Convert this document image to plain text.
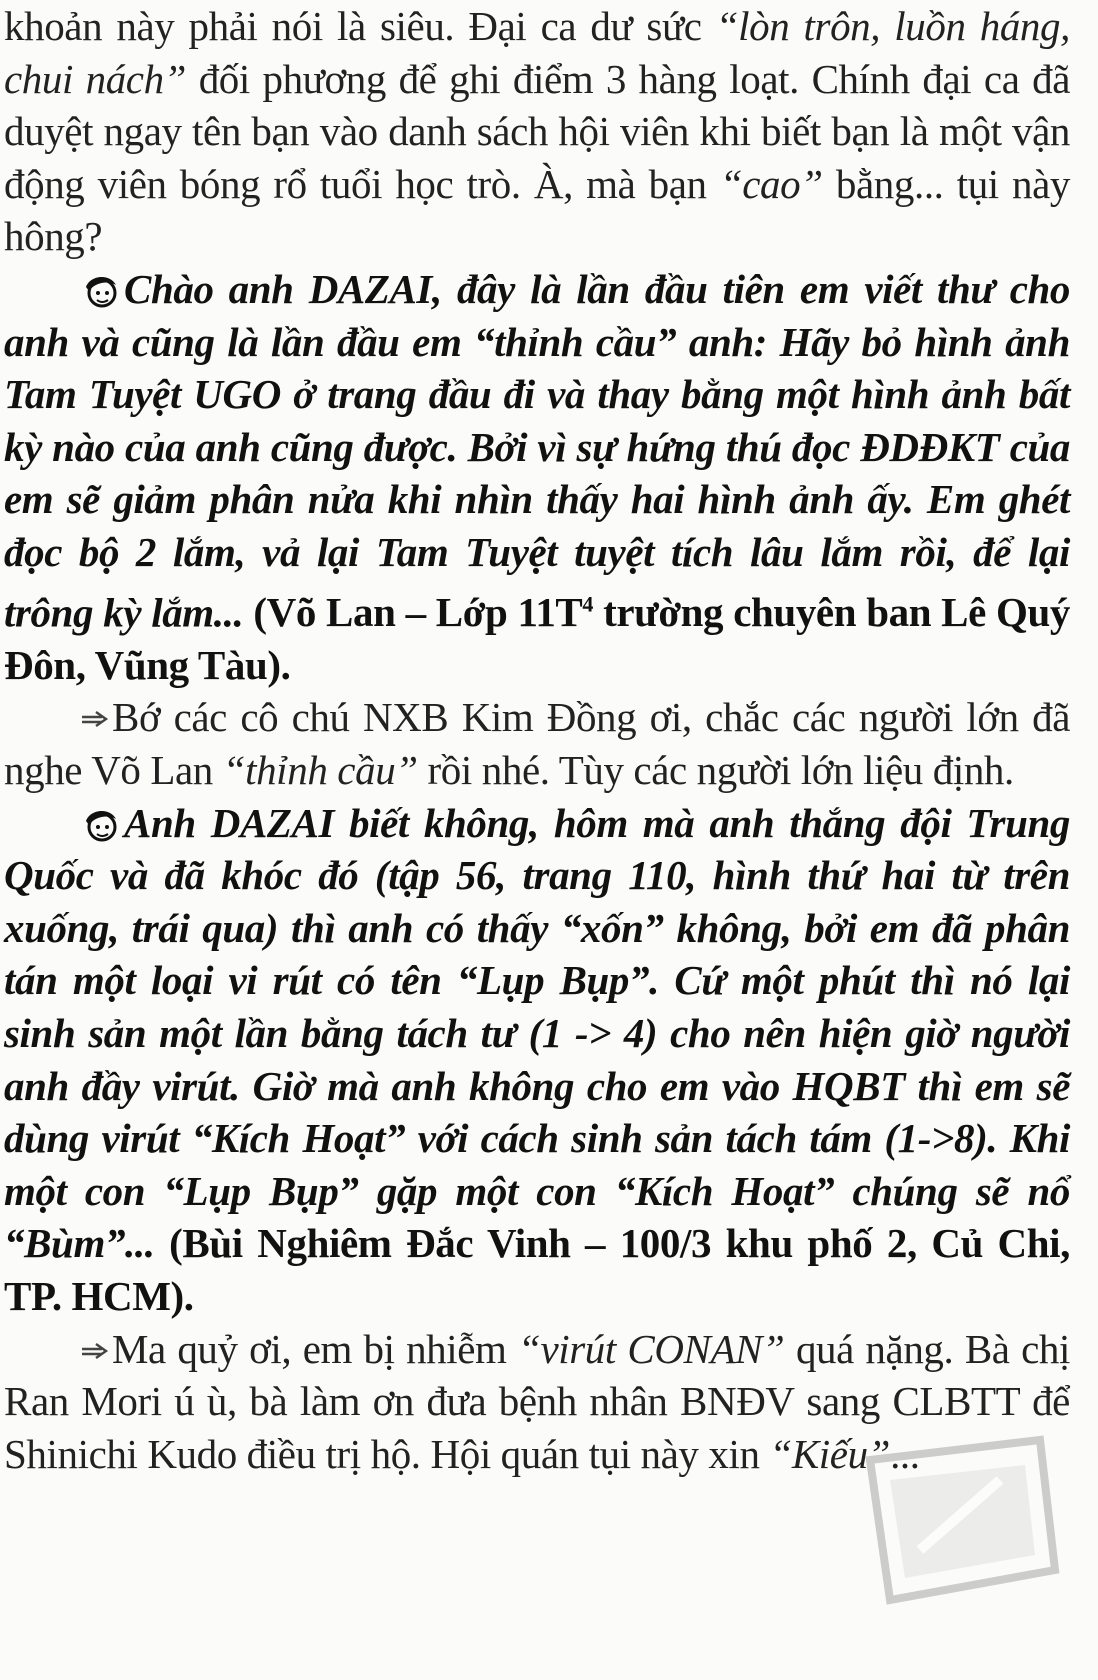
khoản này phải nói là siêu. Đại ca dư sức “lòn trôn, luồn háng, chui nách” đối phương để ghi điểm 3 hàng loạt. Chính đại ca đã duyệt ngay tên bạn vào danh sách hội viên khi biết bạn là một vận động viên bóng rổ tuổi học trò. À, mà bạn “cao” bằng... tụi này hông?

Chào anh DAZAI, đây là lần đầu tiên em viết thư cho anh và cũng là lần đầu em “thỉnh cầu” anh: Hãy bỏ hình ảnh Tam Tuyệt UGO ở trang đầu đi và thay bằng một hình ảnh bất kỳ nào của anh cũng được. Bởi vì sự hứng thú đọc ĐDĐKT của em sẽ giảm phân nửa khi nhìn thấy hai hình ảnh ấy. Em ghét đọc bộ 2 lắm, vả lại Tam Tuyệt tuyệt tích lâu lắm rồi, để lại trông kỳ lắm... (Võ Lan – Lớp $11T^4$ trường chuyên ban Lê Quý Đôn, Vũng Tàu).

Bớ các cô chú NXB Kim Đồng ơi, chắc các người lớn đã nghe Võ Lan “thỉnh cầu” rồi nhé. Tùy các người lớn liệu định.

Anh DAZAI biết không, hôm mà anh thắng đội Trung Quốc và đã khóc đó (tập 56, trang 110, hình thứ hai từ trên xuống, trái qua) thì anh có thấy “xốn” không, bởi em đã phân tán một loại vi rút có tên “Lụp Bụp”. Cứ một phút thì nó lại sinh sản một lần bằng tách tư (1 -> 4) cho nên hiện giờ người anh đầy virút. Giờ mà anh không cho em vào HQBT thì em sẽ dùng virút “Kích Hoạt” với cách sinh sản tách tám (1->8). Khi một con “Lụp Bụp” gặp một con “Kích Hoạt” chúng sẽ nổ “Bùm”... (Bùi Nghiêm Đắc Vinh – 100/3 khu phố 2, Củ Chi, TP. HCM).

Ma quỷ ơi, em bị nhiễm “virút CONAN” quá nặng. Bà chị Ran Mori ú ù, bà làm ơn đưa bệnh nhân BNĐV sang CLBTT để Shinichi Kudo điều trị hộ. Hội quán tụi này xin “Kiếu”...
